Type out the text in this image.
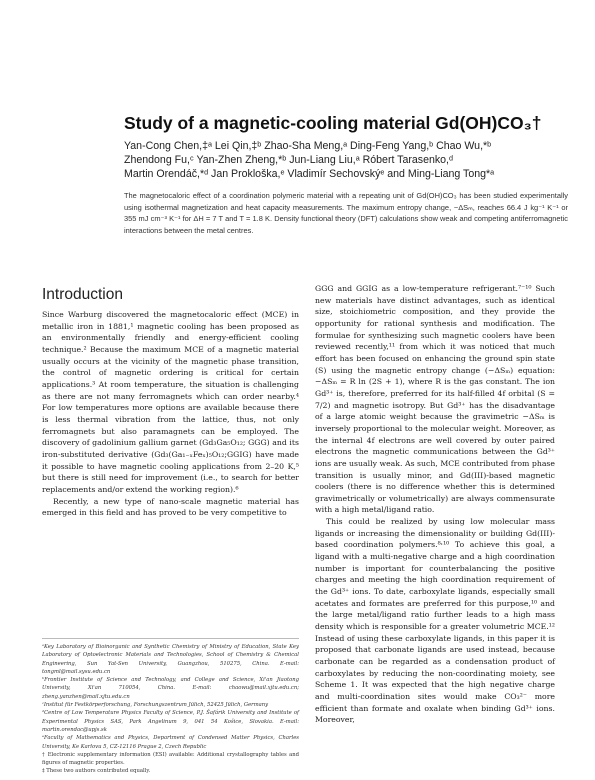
Study of a magnetic-cooling material Gd(OH)CO₃†
Yan-Cong Chen,‡ᵃ Lei Qin,‡ᵇ Zhao-Sha Meng,ᵃ Ding-Feng Yang,ᵇ Chao Wu,*ᵇ
Zhendong Fu,ᶜ Yan-Zhen Zheng,*ᵇ Jun-Liang Liu,ᵃ Róbert Tarasenko,ᵈ
Martin Orendáč,*ᵈ Jan Prokloška,ᵉ Vladimír Sechovskýᵉ and Ming-Liang Tong*ᵃ
The magnetocaloric effect of a coordination polymeric material with a repeating unit of Gd(OH)CO₃ has been studied experimentally using isothermal magnetization and heat capacity measurements. The maximum entropy change, −ΔSₘ, reaches 66.4 J kg⁻¹ K⁻¹ or 355 mJ cm⁻³ K⁻¹ for ΔH = 7 T and T = 1.8 K. Density functional theory (DFT) calculations show weak and competing antiferromagnetic interactions between the metal centres.
Introduction

Since Warburg discovered the magnetocaloric effect (MCE) in metallic iron in 1881,¹ magnetic cooling has been proposed as an environmentally friendly and energy-efficient cooling technique.² Because the maximum MCE of a magnetic material usually occurs at the vicinity of the magnetic phase transition, the control of magnetic ordering is critical for certain applications.³ At room temperature, the situation is challenging as there are not many ferromagnets which can order nearby.⁴ For low temperatures more options are available because there is less thermal vibration from the lattice, thus, not only ferromagnets but also paramagnets can be employed. The discovery of gadolinium gallium garnet (Gd₃Ga₅O₁₂; GGG) and its iron-substituted derivative (Gd₃(Ga₁₋ₓFeₓ)₅O₁₂;GGIG) have made it possible to have magnetic cooling applications from 2–20 K,⁵ but there is still need for improvement (i.e., to search for better replacements and/or extend the working region).⁶

Recently, a new type of nano-scale magnetic material has emerged in this field and has proved to be very competitive to

GGG and GGIG as a low-temperature refrigerant.⁷⁻¹⁰ Such new materials have distinct advantages, such as identical size, stoichiometric composition, and they provide the opportunity for rational synthesis and modification. The formulae for synthesizing such magnetic coolers have been reviewed recently,¹¹ from which it was noticed that much effort has been focused on enhancing the ground spin state (S) using the magnetic entropy change (−ΔSₘ) equation: −ΔSₘ = R ln (2S + 1), where R is the gas constant. The ion Gd³⁺ is, therefore, preferred for its half-filled 4f orbital (S = 7/2) and magnetic isotropy. But Gd³⁺ has the disadvantage of a large atomic weight because the gravimetric −ΔSₘ is inversely proportional to the molecular weight. Moreover, as the internal 4f electrons are well covered by outer paired electrons the magnetic communications between the Gd³⁺ ions are usually weak. As such, MCE contributed from phase transition is usually minor, and Gd(III)-based magnetic coolers (there is no difference whether this is determined gravimetrically or volumetrically) are always commensurate with a high metal/ligand ratio.

This could be realized by using low molecular mass ligands or increasing the dimensionality or building Gd(III)-based coordination polymers.⁸˒¹⁰ To achieve this goal, a ligand with a multi-negative charge and a high coordination number is important for counterbalancing the positive charges and meeting the high coordination requirement of the Gd³⁺ ions. To date, carboxylate ligands, especially small acetates and formates are preferred for this purpose,¹⁰ and the large metal/ligand ratio further leads to a high mass density which is responsible for a greater volumetric MCE.¹² Instead of using these carboxylate ligands, in this paper it is proposed that carbonate ligands are used instead, because carbonate can be regarded as a condensation product of carboxylates by reducing the non-coordinating moiety, see Scheme 1. It was expected that the high negative charge and multi-coordination sites would make CO₃²⁻ more efficient than formate and oxalate when binding Gd³⁺ ions. Moreover,

ᵃKey Laboratory of Bioinorganic and Synthetic Chemistry of Ministry of Education, State Key Laboratory of Optoelectronic Materials and Technologies, School of Chemistry & Chemical Engineering, Sun Yat-Sen University, Guangzhou, 510275, China. E-mail: tongml@mail.sysu.edu.cn

ᵇFrontier Institute of Science and Technology, and College and Science, Xi'an Jiaotong University, Xi'an 710054, China. E-mail: chaowu@mail.xjtu.edu.cn; zheng.yanzhen@mail.xjtu.edu.cn

ᶜInstitut für Festkörperforschung, Forschungszentrum Jülich, 52425 Jülich, Germany

ᵈCentre of Low Temperature Physics Faculty of Science, P.J. Šafárik University and Institute of Experimental Physics SAS, Park Angelinum 9, 041 54 Košice, Slovakia. E-mail: martin.orendac@upjs.sk

ᵉFaculty of Mathematics and Physics, Department of Condensed Matter Physics, Charles University, Ke Karlovu 5, CZ-12116 Prague 2, Czech Republic

† Electronic supplementary information (ESI) available: Additional crystallography tables and figures of magnetic properties.

‡ These two authors contributed equally.
